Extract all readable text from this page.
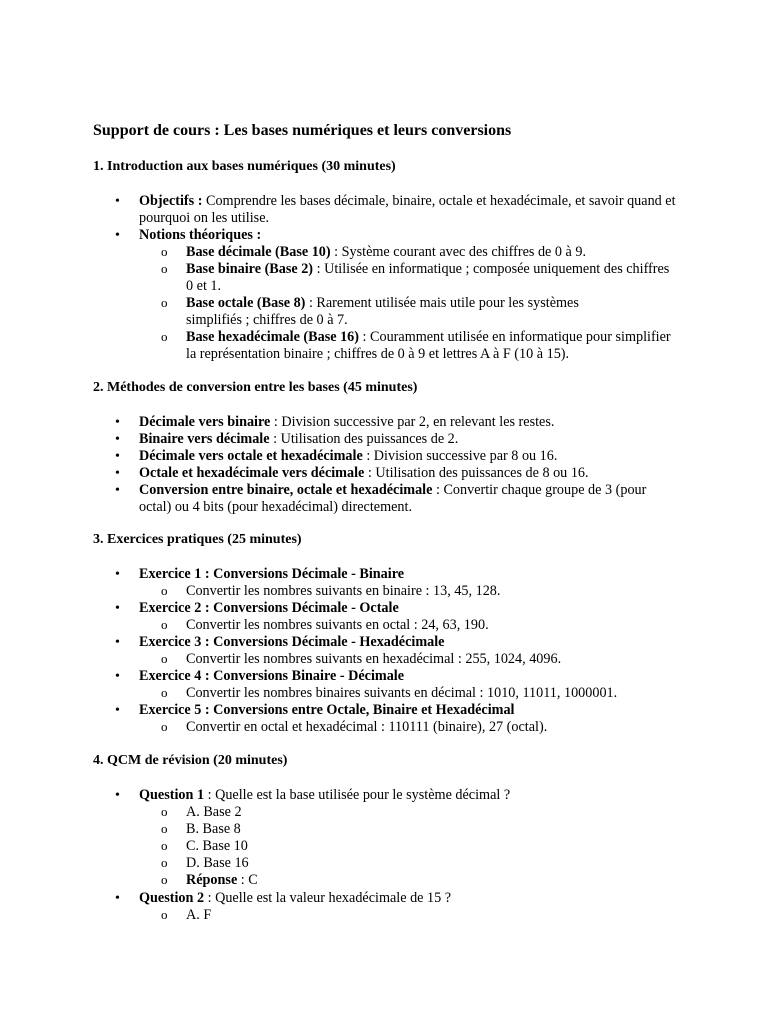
Support de cours : Les bases numériques et leurs conversions
1. Introduction aux bases numériques (30 minutes)
• Objectifs : Comprendre les bases décimale, binaire, octale et hexadécimale, et savoir quand et pourquoi on les utilise.
• Notions théoriques :
o Base décimale (Base 10) : Système courant avec des chiffres de 0 à 9.
o Base binaire (Base 2) : Utilisée en informatique ; composée uniquement des chiffres 0 et 1.
o Base octale (Base 8) : Rarement utilisée mais utile pour les systèmes simplifiés ; chiffres de 0 à 7.
o Base hexadécimale (Base 16) : Couramment utilisée en informatique pour simplifier la représentation binaire ; chiffres de 0 à 9 et lettres A à F (10 à 15).
2. Méthodes de conversion entre les bases (45 minutes)
• Décimale vers binaire : Division successive par 2, en relevant les restes.
• Binaire vers décimale : Utilisation des puissances de 2.
• Décimale vers octale et hexadécimale : Division successive par 8 ou 16.
• Octale et hexadécimale vers décimale : Utilisation des puissances de 8 ou 16.
• Conversion entre binaire, octale et hexadécimale : Convertir chaque groupe de 3 (pour octal) ou 4 bits (pour hexadécimal) directement.
3. Exercices pratiques (25 minutes)
• Exercice 1 : Conversions Décimale - Binaire
o Convertir les nombres suivants en binaire : 13, 45, 128.
• Exercice 2 : Conversions Décimale - Octale
o Convertir les nombres suivants en octal : 24, 63, 190.
• Exercice 3 : Conversions Décimale - Hexadécimale
o Convertir les nombres suivants en hexadécimal : 255, 1024, 4096.
• Exercice 4 : Conversions Binaire - Décimale
o Convertir les nombres binaires suivants en décimal : 1010, 11011, 1000001.
• Exercice 5 : Conversions entre Octale, Binaire et Hexadécimal
o Convertir en octal et hexadécimal : 110111 (binaire), 27 (octal).
4. QCM de révision (20 minutes)
• Question 1 : Quelle est la base utilisée pour le système décimal ?
o A. Base 2
o B. Base 8
o C. Base 10
o D. Base 16
o Réponse : C
• Question 2 : Quelle est la valeur hexadécimale de 15 ?
o A. F
